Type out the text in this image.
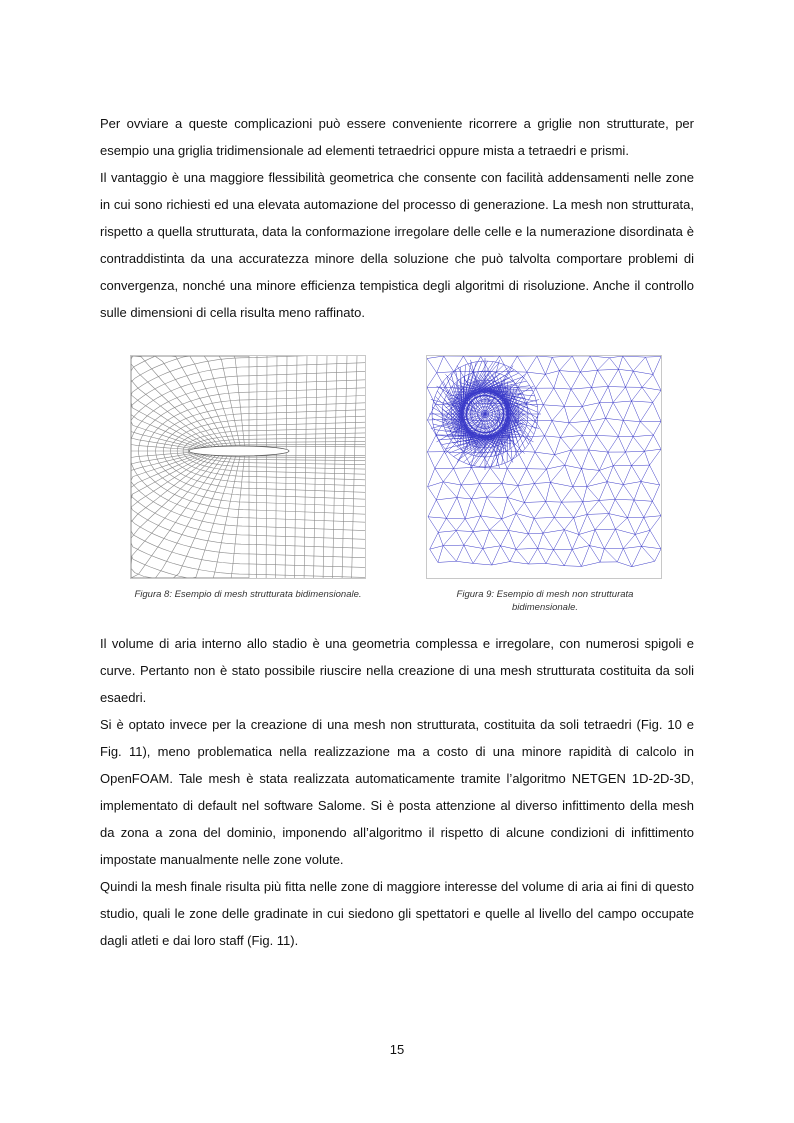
Per ovviare a queste complicazioni può essere conveniente ricorrere a griglie non strutturate, per esempio una griglia tridimensionale ad elementi tetraedrici oppure mista a tetraedri e prismi.

Il vantaggio è una maggiore flessibilità geometrica che consente con facilità addensamenti nelle zone in cui sono richiesti ed una elevata automazione del processo di generazione. La mesh non strutturata, rispetto a quella strutturata, data la conformazione irregolare delle celle e la numerazione disordinata è contraddistinta da una accuratezza minore della soluzione che può talvolta comportare problemi di convergenza, nonché una minore efficienza tempistica degli algoritmi di risoluzione. Anche il controllo sulle dimensioni di cella risulta meno raffinato.

Figura 8: Esempio di mesh strutturata bidimensionale.	Figura 9: Esempio di mesh non strutturata bidimensionale.

Il volume di aria interno allo stadio è una geometria complessa e irregolare, con numerosi spigoli e curve. Pertanto non è stato possibile riuscire nella creazione di una mesh strutturata costituita da soli esaedri.

Si è optato invece per la creazione di una mesh non strutturata, costituita da soli tetraedri (Fig. 10 e Fig. 11), meno problematica nella realizzazione ma a costo di una minore rapidità di calcolo in OpenFOAM. Tale mesh è stata realizzata automaticamente tramite l’algoritmo NETGEN 1D-2D-3D, implementato di default nel software Salome. Si è posta attenzione al diverso infittimento della mesh da zona a zona del dominio, imponendo all’algoritmo il rispetto di alcune condizioni di infittimento impostate manualmente nelle zone volute.

Quindi la mesh finale risulta più fitta nelle zone di maggiore interesse del volume di aria ai fini di questo studio, quali le zone delle gradinate in cui siedono gli spettatori e quelle al livello del campo occupate dagli atleti e dai loro staff (Fig. 11).

15
